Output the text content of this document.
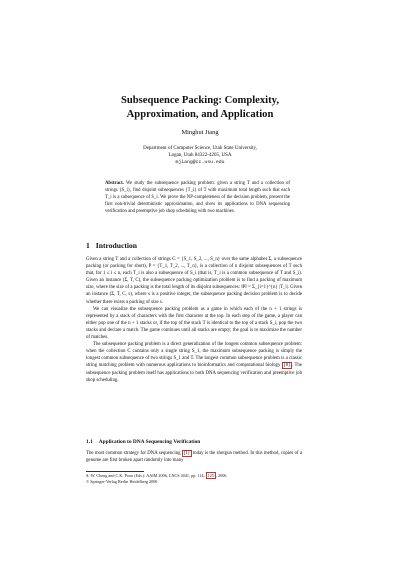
Subsequence Packing: Complexity,
Approximation, and Application
Minghui Jiang
Department of Computer Science, Utah State University,
Logan, Utah 84322-4205, USA
mjiang@cc.usu.edu
Abstract. We study the subsequence packing problem: given a string T and a collection of strings {S_i}, find disjoint subsequences {T_i} of T with maximum total length such that each T_i is a subsequence of S_i. We prove the NP-completeness of the decision problem, present the first non-trivial deterministic approximation, and show its applications to DNA sequencing verification and preemptive job shop scheduling with two machines.
1 Introduction

Given a string T and a collection of strings C = {S_1, S_2, ..., S_n} over the same alphabet Σ, a subsequence packing (or packing for short), P = {T_1, T_2, ..., T_n}, is a collection of n disjoint subsequences of T such that, for 1 ≤ i ≤ n, each T_i is also a subsequence of S_i (that is, T_i is a common subsequence of T and S_i). Given an instance (Σ, T, C), the subsequence packing optimization problem is to find a packing of maximum size, where the size of a packing is the total length of its disjoint subsequences: ‖P‖ = Σ_{i=1}^{n} |T_i|. Given an instance (Σ, T, C, s), where s is a positive integer, the subsequence packing decision problem is to decide whether there exists a packing of size s.

We can visualize the subsequence packing problem as a game in which each of the n + 1 strings is represented by a stack of characters with the first character at the top. In each step of the game, a player can either pop one of the n + 1 stacks or, if the top of the stack T is identical to the top of a stack S_i, pop the two stacks and declare a match. The game continues until all stacks are empty; the goal is to maximize the number of matches.

The subsequence packing problem is a direct generalization of the longest common subsequence problem: when the collection C contains only a single string S_1, the maximum subsequence packing is simply the longest common subsequence of two strings S_1 and T. The longest common subsequence problem is a classic string matching problem with numerous applications to bioinformatics and computational biology [8] . The subsequence packing problem itself has applications to both DNA sequencing verification and preemptive job shop scheduling.

1.1 Application to DNA Sequencing Verification
The most common strategy for DNA sequencing [1] today is the shotgun method. In this method, copies of a genome are first broken apart randomly into many
S.-W. Cheng and C.K. Poon (Eds.): AAIM 2006, LNCS 4041, pp. 114– 125 , 2006.
© Springer-Verlag Berlin Heidelberg 2006
